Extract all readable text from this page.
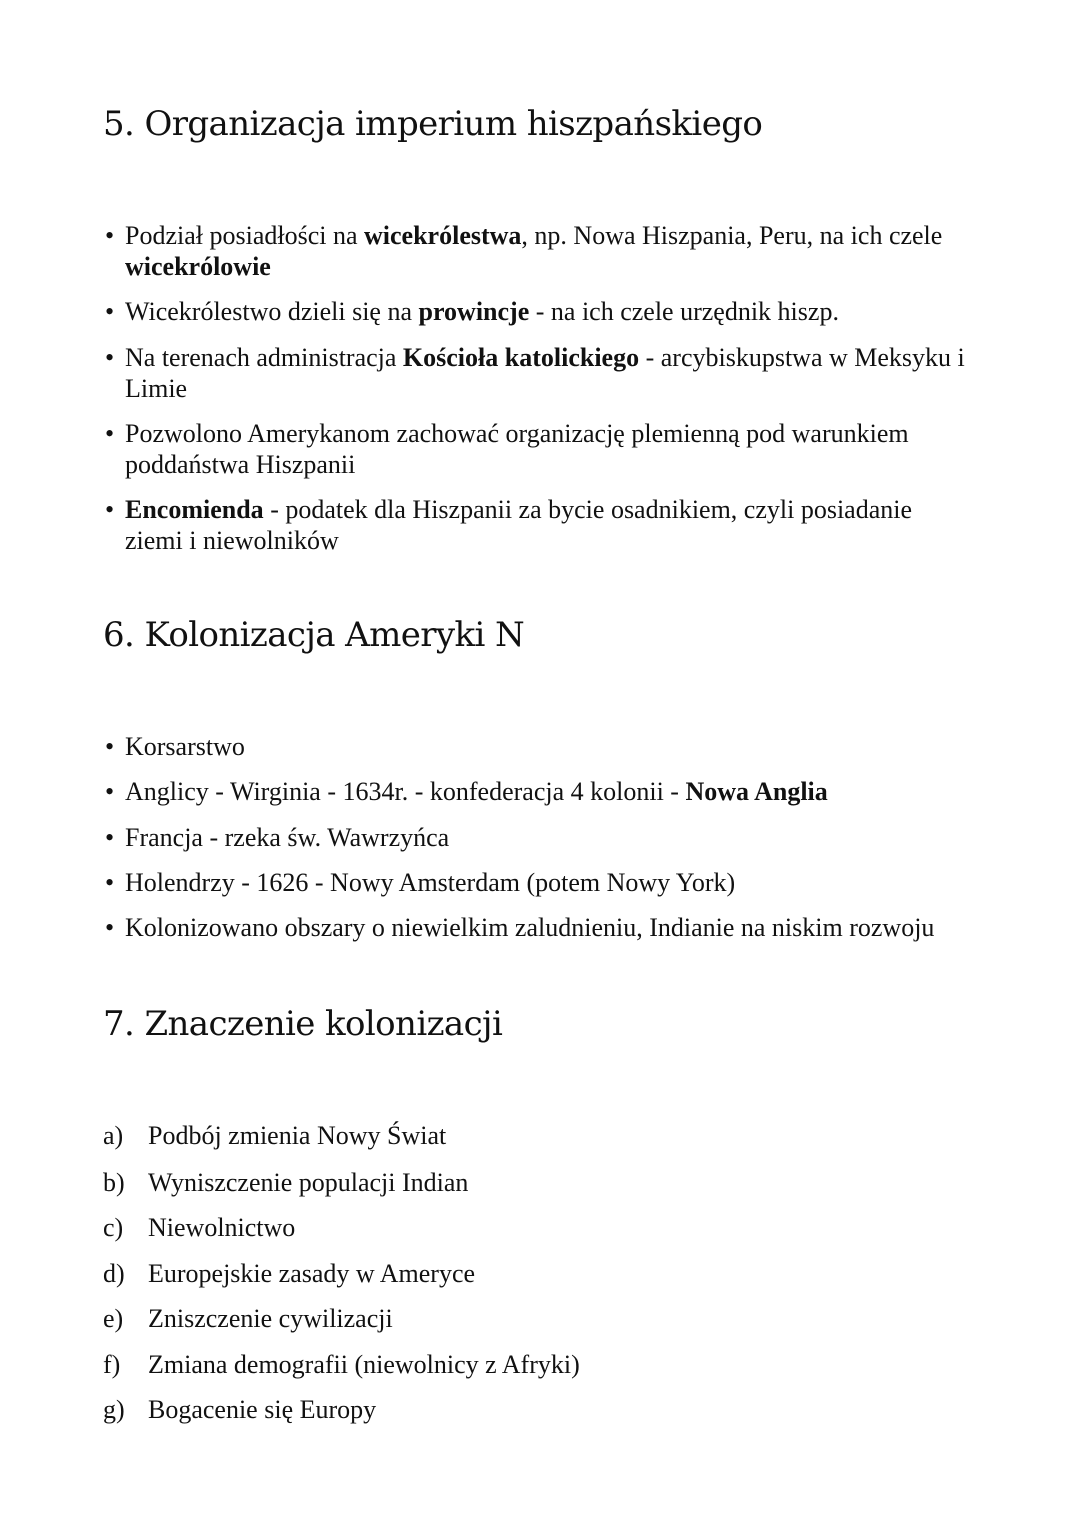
5. Organizacja imperium hiszpańskiego
• Podział posiadłości na wicekrólestwa, np. Nowa Hiszpania, Peru, na ich czele wicekrólowie
• Wicekrólestwo dzieli się na prowincje - na ich czele urzędnik hiszp.
• Na terenach administracja Kościoła katolickiego - arcybiskupstwa w Meksyku i Limie
• Pozwolono Amerykanom zachować organizację plemienną pod warunkiem poddaństwa Hiszpanii
• Encomienda - podatek dla Hiszpanii za bycie osadnikiem, czyli posiadanie ziemi i niewolników
6. Kolonizacja Ameryki N
• Korsarstwo
• Anglicy - Wirginia - 1634r. - konfederacja 4 kolonii - Nowa Anglia
• Francja - rzeka św. Wawrzyńca
• Holendrzy - 1626 - Nowy Amsterdam (potem Nowy York)
• Kolonizowano obszary o niewielkim zaludnieniu, Indianie na niskim rozwoju
7. Znaczenie kolonizacji
a) Podbój zmienia Nowy Świat
b) Wyniszczenie populacji Indian
c) Niewolnictwo
d) Europejskie zasady w Ameryce
e) Zniszczenie cywilizacji
f)	Zmiana demografii (niewolnicy z Afryki)
g) Bogacenie się Europy
